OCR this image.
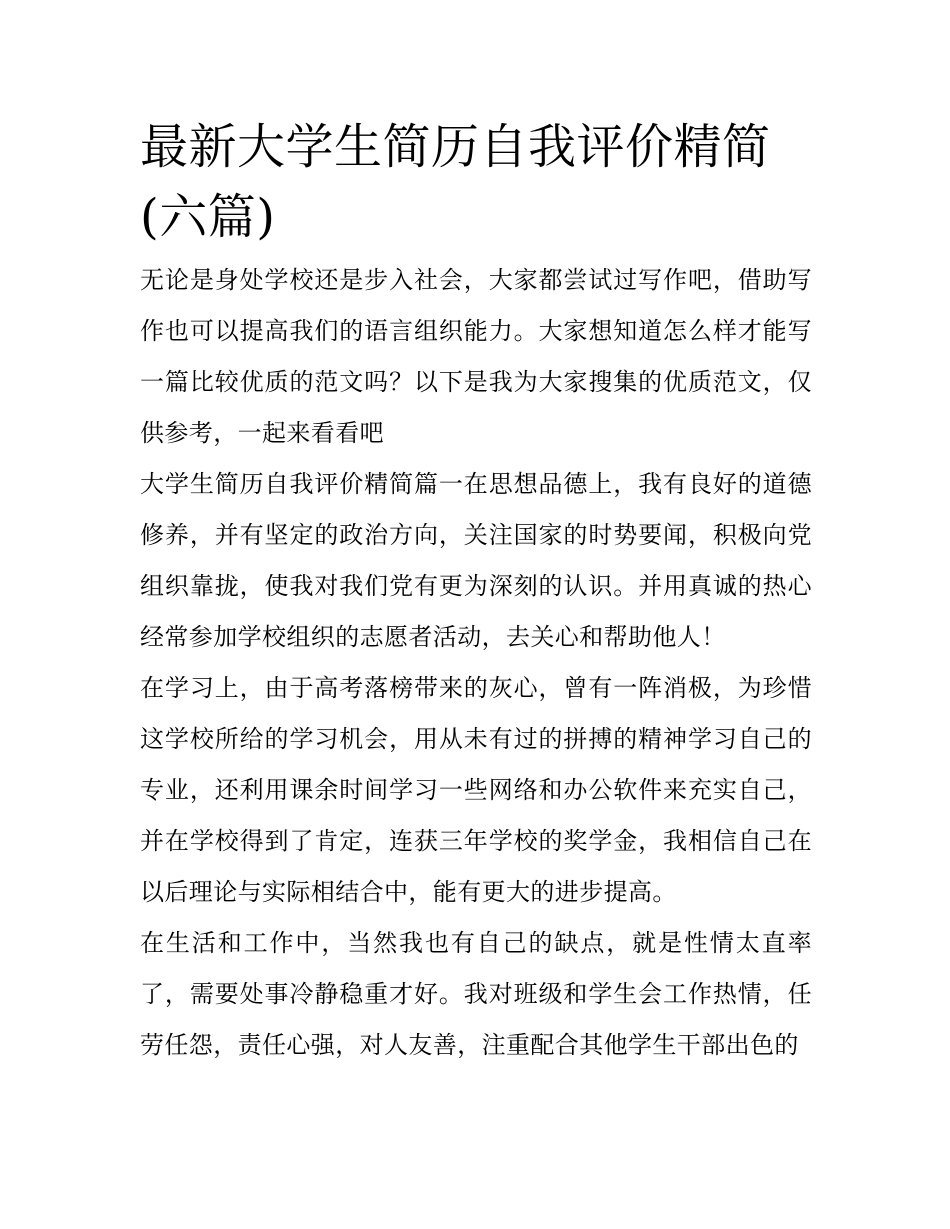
最新大学生简历自我评价精简(六篇)

无论是身处学校还是步入社会，大家都尝试过写作吧，借助写作也可以提高我们的语言组织能力。大家想知道怎么样才能写一篇比较优质的范文吗？以下是我为大家搜集的优质范文，仅供参考，一起来看看吧

大学生简历自我评价精简篇一在思想品德上，我有良好的道德修养，并有坚定的政治方向，关注国家的时势要闻，积极向党组织靠拢，使我对我们党有更为深刻的认识。并用真诚的热心经常参加学校组织的志愿者活动，去关心和帮助他人！

在学习上，由于高考落榜带来的灰心，曾有一阵消极，为珍惜这学校所给的学习机会，用从未有过的拼搏的精神学习自己的专业，还利用课余时间学习一些网络和办公软件来充实自己，并在学校得到了肯定，连获三年学校的奖学金，我相信自己在以后理论与实际相结合中，能有更大的进步提高。

在生活和工作中，当然我也有自己的缺点，就是性情太直率了，需要处事冷静稳重才好。我对班级和学生会工作热情，任劳任怨，责任心强，对人友善，注重配合其他学生干部出色的
